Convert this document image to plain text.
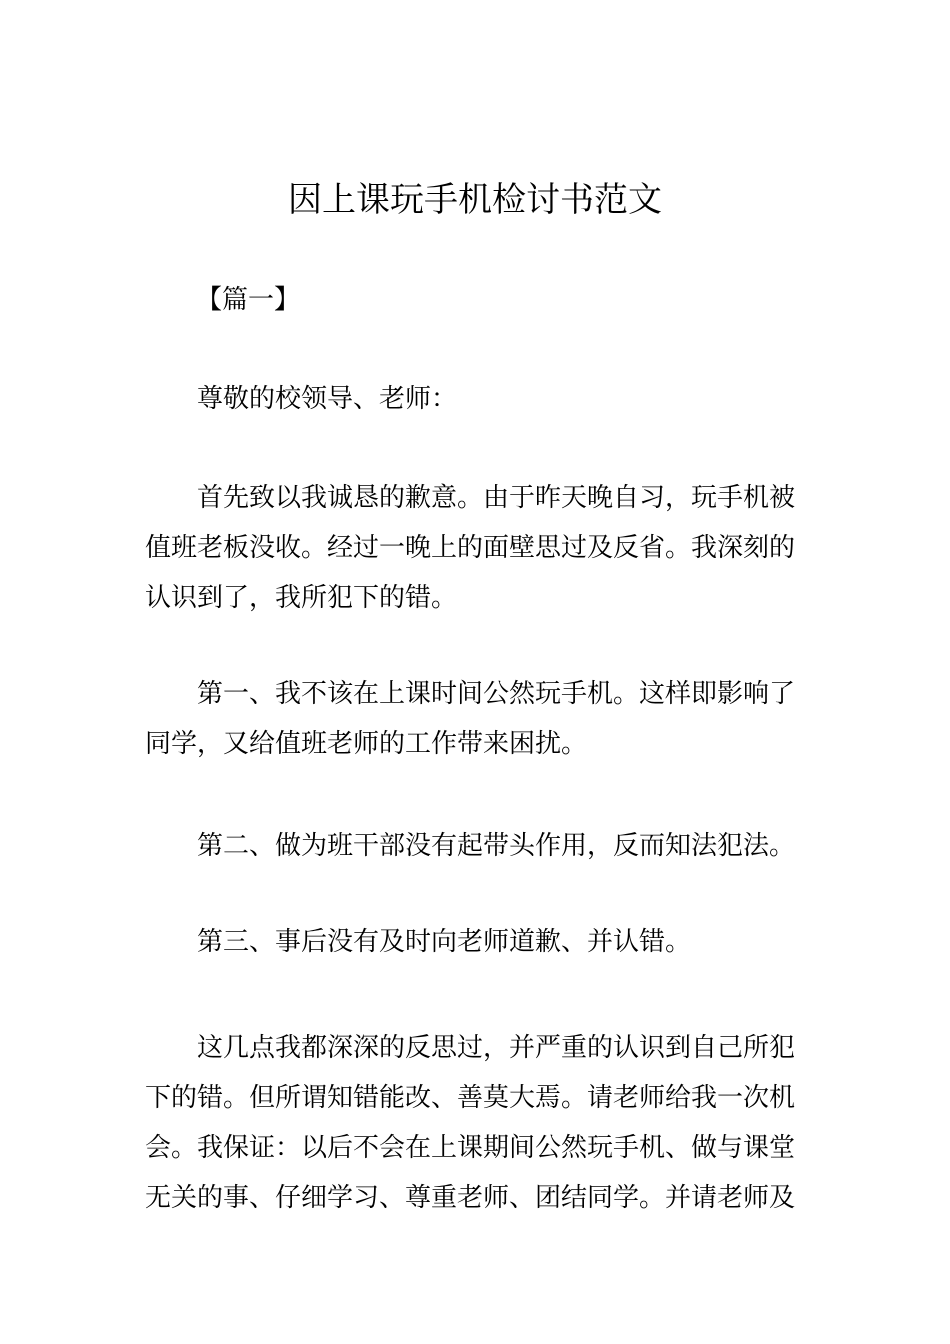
因上课玩手机检讨书范文
【篇一】

尊敬的校领导、老师：

首先致以我诚恳的歉意。由于昨天晚自习，玩手机被值班老板没收。经过一晚上的面壁思过及反省。我深刻的认识到了，我所犯下的错。

第一、我不该在上课时间公然玩手机。这样即影响了同学，又给值班老师的工作带来困扰。

第二、做为班干部没有起带头作用，反而知法犯法。

第三、事后没有及时向老师道歉、并认错。

这几点我都深深的反思过，并严重的认识到自己所犯下的错。但所谓知错能改、善莫大焉。请老师给我一次机会。我保证：以后不会在上课期间公然玩手机、做与课堂无关的事、仔细学习、尊重老师、团结同学。并请老师及
